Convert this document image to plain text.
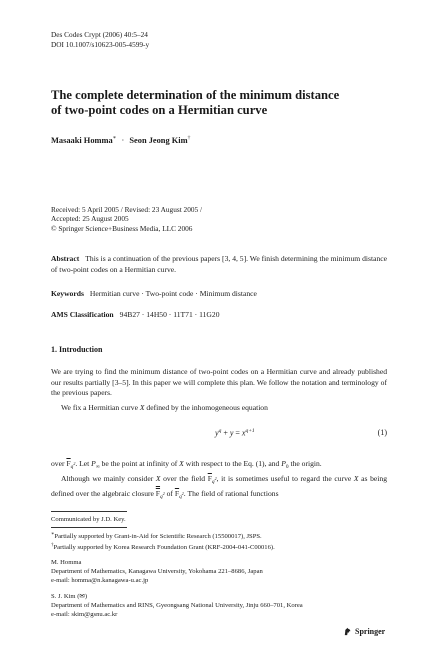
Des Codes Crypt (2006) 40:5–24
DOI 10.1007/s10623-005-4599-y
The complete determination of the minimum distance
of two-point codes on a Hermitian curve
Masaaki Homma∗ · Seon Jeong Kim†
Received: 5 April 2005 / Revised: 23 August 2005 /
Accepted: 25 August 2005
© Springer Science+Business Media, LLC 2006
Abstract This is a continuation of the previous papers [3, 4, 5]. We finish determining the minimum distance of two-point codes on a Hermitian curve.
Keywords Hermitian curve · Two-point code · Minimum distance
AMS Classification 94B27 · 14H50 · 11T71 · 11G20
1. Introduction
We are trying to find the minimum distance of two-point codes on a Hermitian curve and already published our results partially [3–5]. In this paper we will complete this plan. We follow the notation and terminology of the previous papers.
We fix a Hermitian curve X defined by the inhomogeneous equation
$y^q + y = x^{q+1}$	(1)
over $\overline{F}_{q^2}$. Let $P_\infty$ be the point at infinity of X with respect to the Eq. (1), and $P_0$ the origin.
Although we mainly consider X over the field $\overline{F}_{q^2}$, it is sometimes useful to regard the curve X as being defined over the algebraic closure $F_{q^2}$ of $\overline{F}_{q^2}$. The field of rational functions
Communicated by J.D. Key.
∗Partially supported by Grant-in-Aid for Scientific Research (15500017), JSPS.
†Partially supported by Korea Research Foundation Grant (KRF-2004-041-C00016).
M. Homma
Department of Mathematics, Kanagawa University, Yokohama 221–8686, Japan
e-mail: homma@n.kanagawa-u.ac.jp
S. J. Kim (✉)
Department of Mathematics and RINS, Gyeongsang National University, Jinju 660–701, Korea
e-mail: skim@gsnu.ac.kr
Springer
